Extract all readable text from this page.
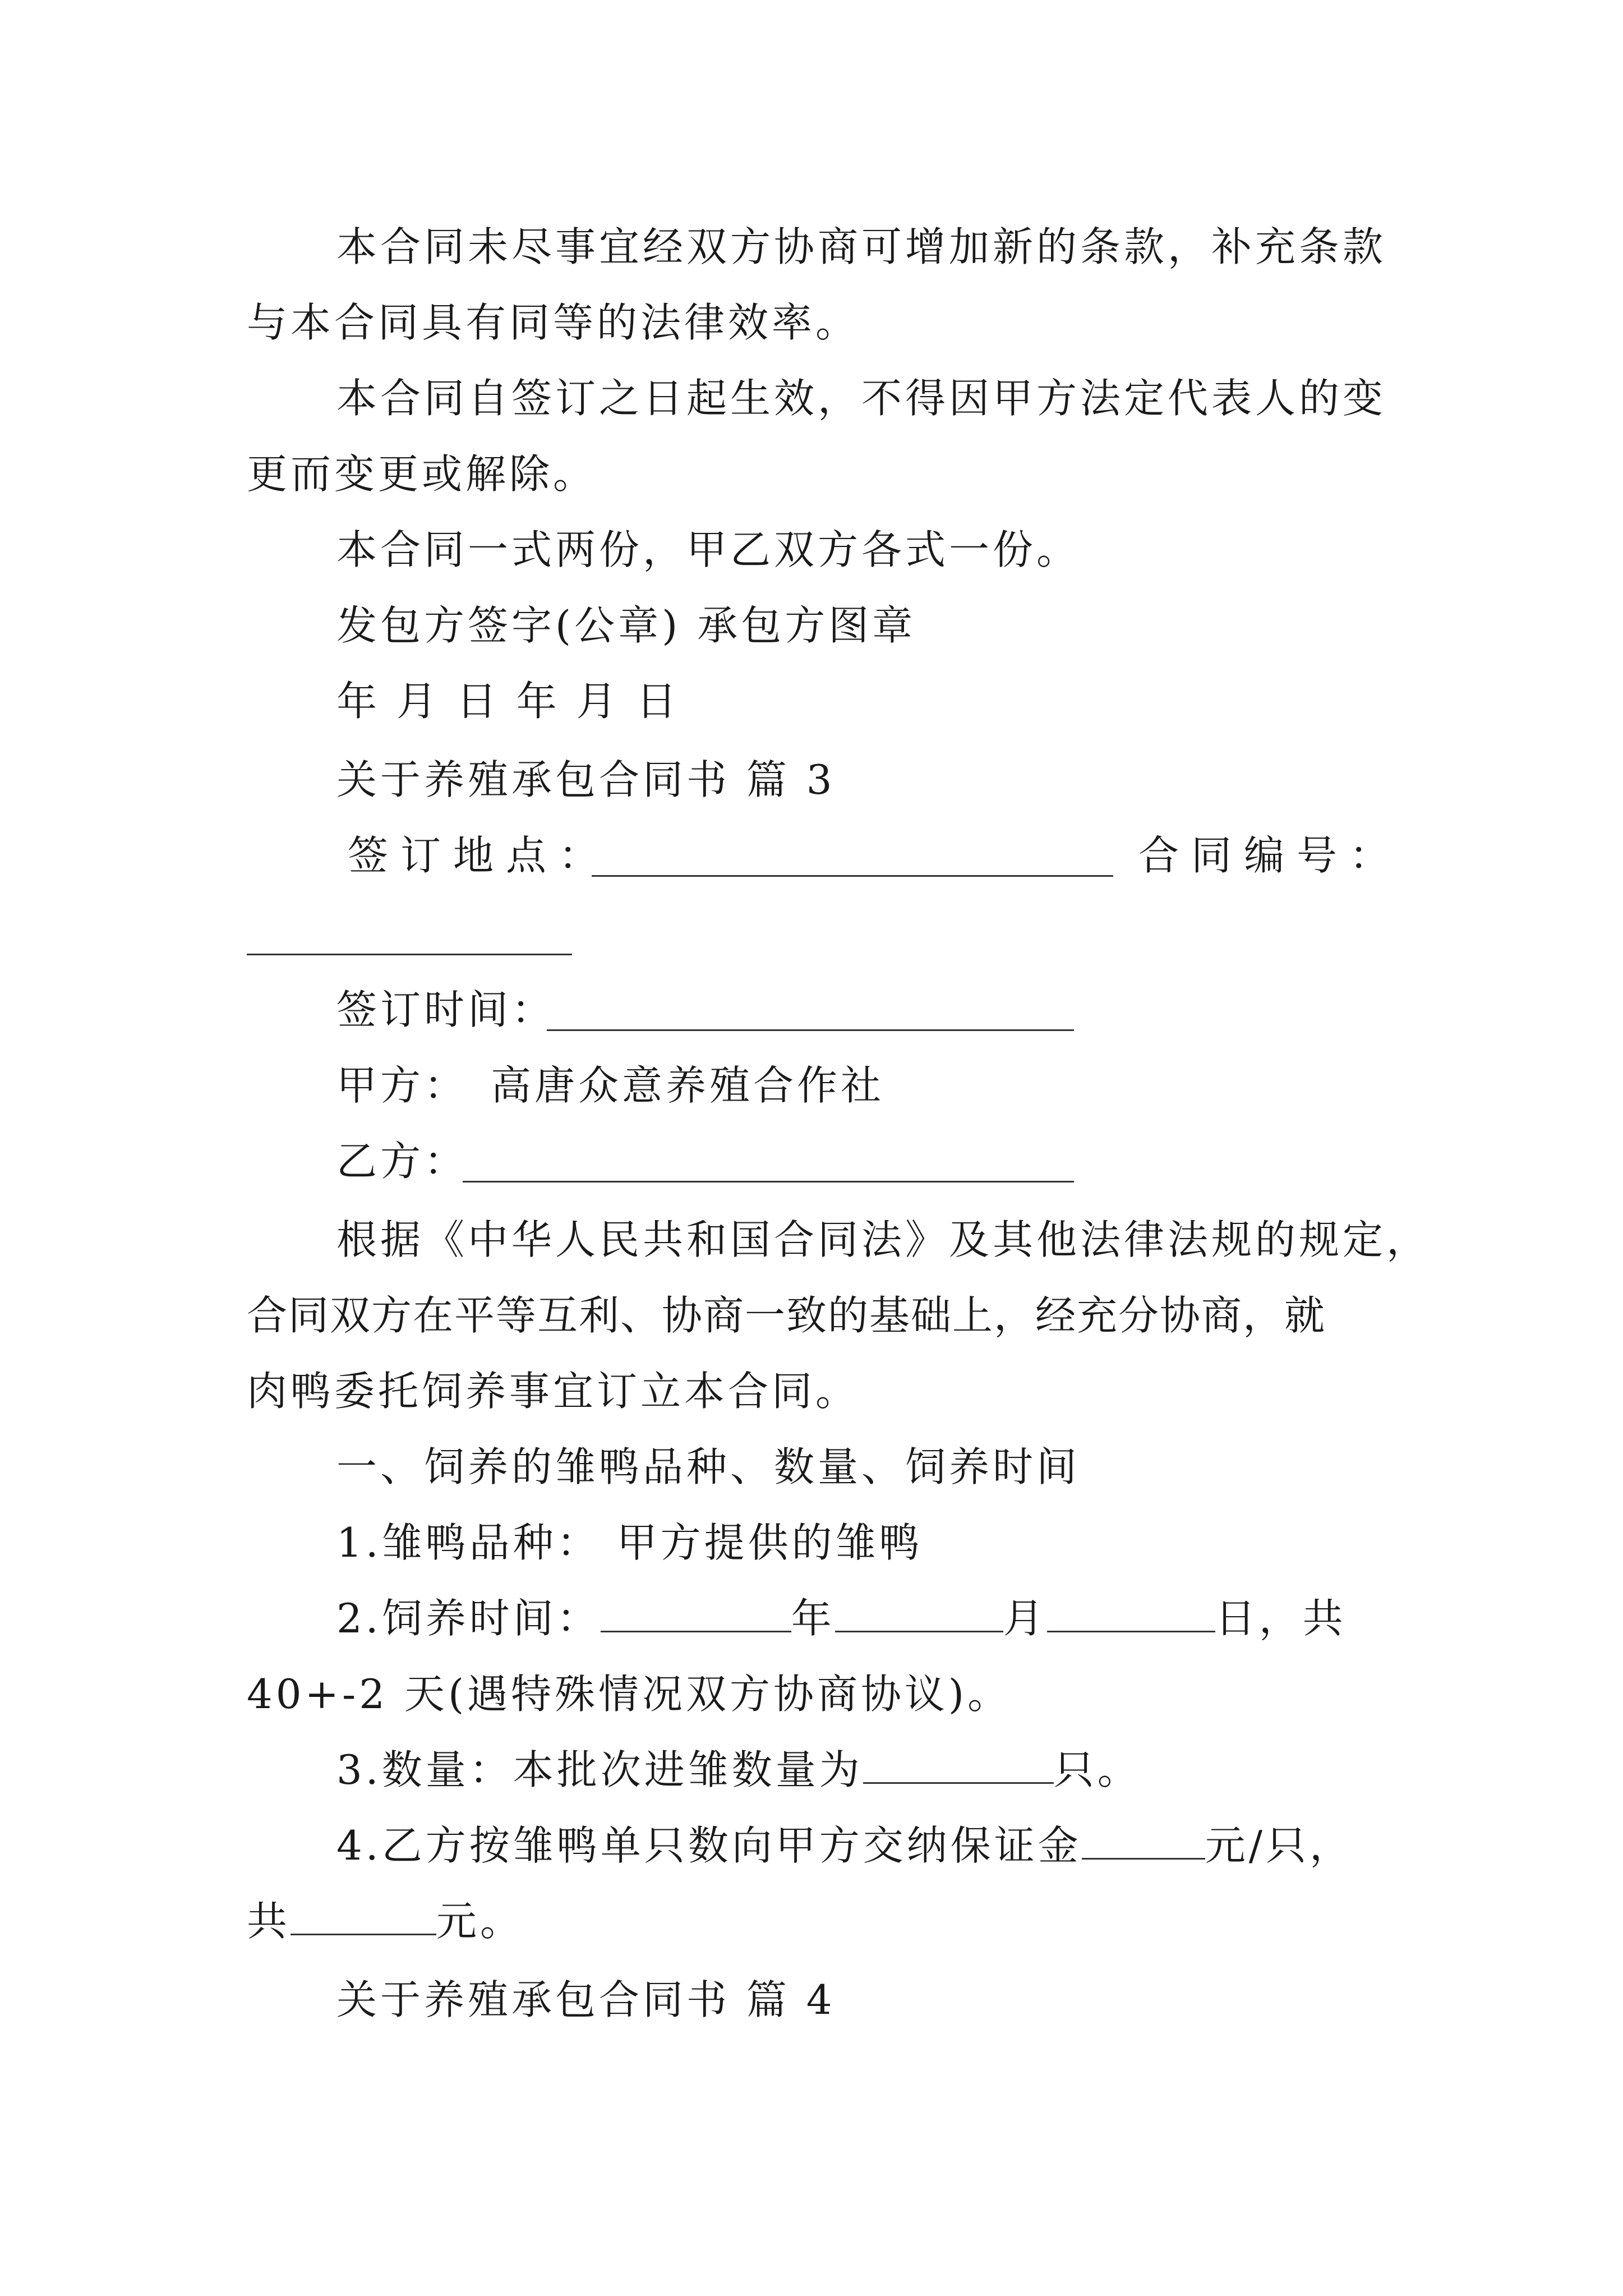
本合同未尽事宜经双方协商可增加新的条款，补充条款
与本合同具有同等的法律效率。
本合同自签订之日起生效，不得因甲方法定代表人的变
更而变更或解除。
本合同一式两份，甲乙双方各式一份。
发包方签字(公章) 承包方图章
年 月 日 年 月 日
关于养殖承包合同书 篇 3
签订地点：	合同编号：
签订时间：
甲方： 高唐众意养殖合作社
乙方：
根据《中华人民共和国合同法》及其他法律法规的规定，
合同双方在平等互利、协商一致的基础上，经充分协商，就
肉鸭委托饲养事宜订立本合同。
一、饲养的雏鸭品种、数量、饲养时间
1.雏鸭品种： 甲方提供的雏鸭
2.饲养时间：	年	月	日，共
40+-2 天(遇特殊情况双方协商协议)。
3.数量：本批次进雏数量为	只。
4.乙方按雏鸭单只数向甲方交纳保证金	元/只，
共	元。
关于养殖承包合同书 篇 4
